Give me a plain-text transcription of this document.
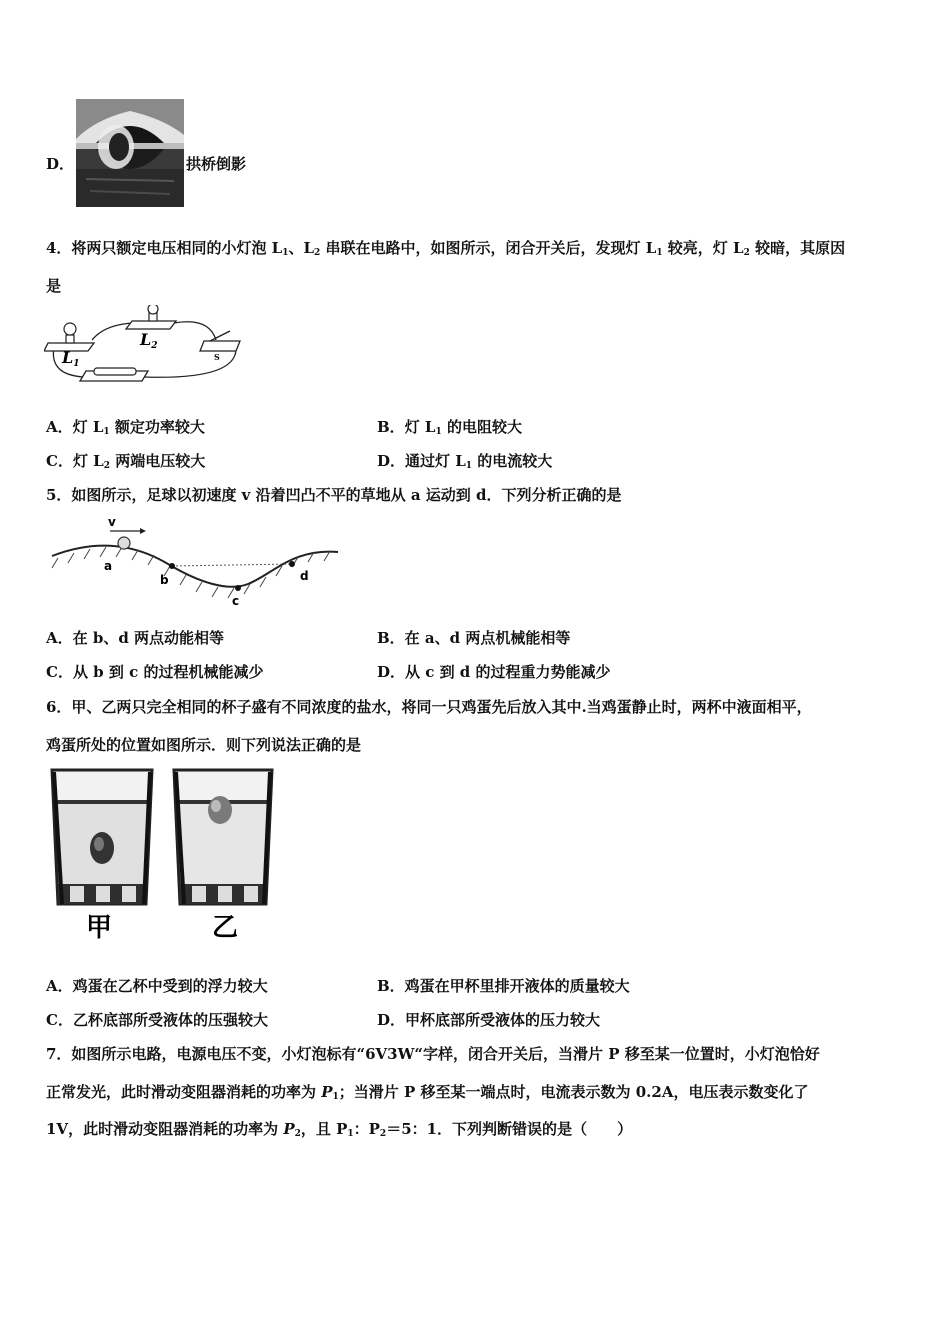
D．	拱桥倒影
4．将两只额定电压相同的小灯泡 $L_1$、$L_2$ 串联在电路中，如图所示，闭合开关后，发现灯 $L_1$ 较亮，灯 $L_2$ 较暗，其原因
是
L1
L2
S
A．灯 $L_1$ 额定功率较大	B．灯 $L_1$ 的电阻较大
C．灯 $L_2$ 两端电压较大	D．通过灯 $L_1$ 的电流较大
5．如图所示，足球以初速度 v 沿着凹凸不平的草地从 a 运动到 d．下列分析正确的是
v
a
b
c
d
A．在 b、d 两点动能相等	B．在 a、d 两点机械能相等
C．从 b 到 c 的过程机械能减少	D．从 c 到 d 的过程重力势能减少
6．甲、乙两只完全相同的杯子盛有不同浓度的盐水，将同一只鸡蛋先后放入其中.当鸡蛋静止时，两杯中液面相平，
鸡蛋所处的位置如图所示．则下列说法正确的是
甲	乙
A．鸡蛋在乙杯中受到的浮力较大	B．鸡蛋在甲杯里排开液体的质量较大
C．乙杯底部所受液体的压强较大	D．甲杯底部所受液体的压力较大
7．如图所示电路，电源电压不变，小灯泡标有“6V3W“字样，闭合开关后，当滑片 P 移至某一位置时，小灯泡恰好
正常发光，此时滑动变阻器消耗的功率为 $P_1$；当滑片 P 移至某一端点时，电流表示数为 0.2A，电压表示数变化了
1V，此时滑动变阻器消耗的功率为 $P_2$，且 $P_1$：$P_2=5$：1．下列判断错误的是（　　）
